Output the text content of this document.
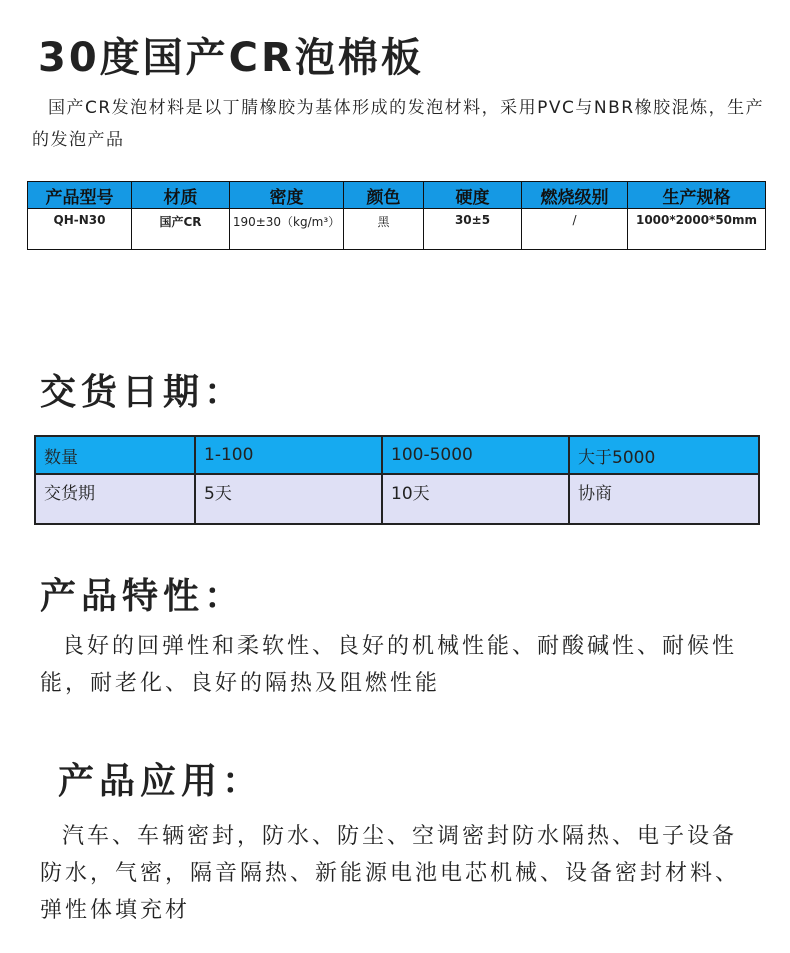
30度国产CR泡棉板
国产CR发泡材料是以丁腈橡胶为基体形成的发泡材料，采用PVC与NBR橡胶混炼，生产的发泡产品
产品型号	材质	密度	颜色	硬度	燃烧级别	生产规格
QH-N30	国产CR	190±30（kg/m³）	黑	30±5	/	1000*2000*50mm
交货日期：
数量	1-100	100-5000	大于5000
交货期	5天	10天	协商
产品特性：
良好的回弹性和柔软性、良好的机械性能、耐酸碱性、耐候性能，耐老化、良好的隔热及阻燃性能
产品应用：
汽车、车辆密封，防水、防尘、空调密封防水隔热、电子设备防水，气密，隔音隔热、新能源电池电芯机械、设备密封材料、弹性体填充材
